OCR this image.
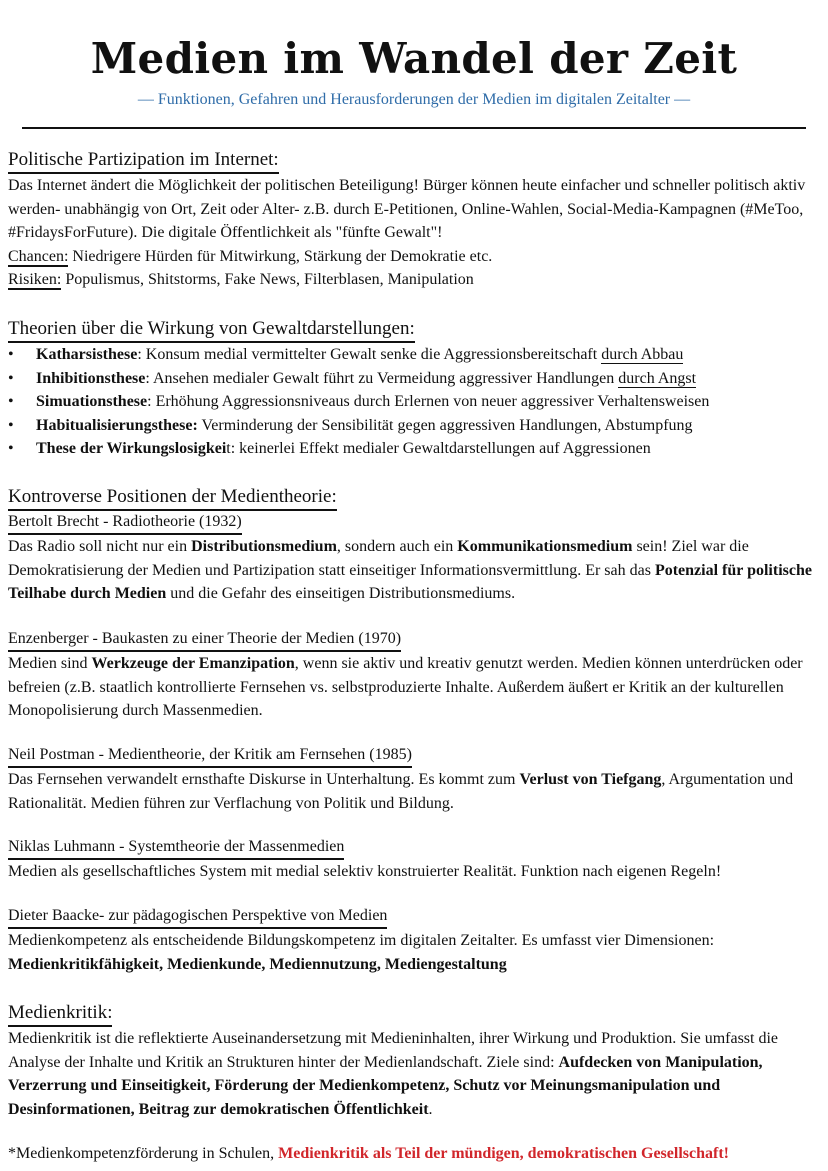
Medien im Wandel der Zeit
— Funktionen, Gefahren und Herausforderungen der Medien im digitalen Zeitalter —
Politische Partizipation im Internet:
Das Internet ändert die Möglichkeit der politischen Beteiligung! Bürger können heute einfacher und schneller politisch aktiv werden- unabhängig von Ort, Zeit oder Alter- z.B. durch E-Petitionen, Online-Wahlen, Social-Media-Kampagnen (#MeToo, #FridaysForFuture). Die digitale Öffentlichkeit als "fünfte Gewalt"!
Chancen: Niedrigere Hürden für Mitwirkung, Stärkung der Demokratie etc.
Risiken: Populismus, Shitstorms, Fake News, Filterblasen, Manipulation
Theorien über die Wirkung von Gewaltdarstellungen:
• Katharsisthese: Konsum medial vermittelter Gewalt senke die Aggressionsbereitschaft durch Abbau
• Inhibitionsthese: Ansehen medialer Gewalt führt zu Vermeidung aggressiver Handlungen durch Angst
• Simuationsthese: Erhöhung Aggressionsniveaus durch Erlernen von neuer aggressiver Verhaltensweisen
• Habitualisierungsthese: Verminderung der Sensibilität gegen aggressiven Handlungen, Abstumpfung
• These der Wirkungslosigkeit: keinerlei Effekt medialer Gewaltdarstellungen auf Aggressionen
Kontroverse Positionen der Medientheorie:
Bertolt Brecht - Radiotheorie (1932)
Das Radio soll nicht nur ein Distributionsmedium, sondern auch ein Kommunikationsmedium sein! Ziel war die Demokratisierung der Medien und Partizipation statt einseitiger Informationsvermittlung. Er sah das Potenzial für politische Teilhabe durch Medien und die Gefahr des einseitigen Distributionsmediums.
Enzenberger - Baukasten zu einer Theorie der Medien (1970)
Medien sind Werkzeuge der Emanzipation, wenn sie aktiv und kreativ genutzt werden. Medien können unterdrücken oder befreien (z.B. staatlich kontrollierte Fernsehen vs. selbstproduzierte Inhalte. Außerdem äußert er Kritik an der kulturellen Monopolisierung durch Massenmedien.
Neil Postman - Medientheorie, der Kritik am Fernsehen (1985)
Das Fernsehen verwandelt ernsthafte Diskurse in Unterhaltung. Es kommt zum Verlust von Tiefgang, Argumentation und Rationalität. Medien führen zur Verflachung von Politik und Bildung.
Niklas Luhmann - Systemtheorie der Massenmedien
Medien als gesellschaftliches System mit medial selektiv konstruierter Realität. Funktion nach eigenen Regeln!
Dieter Baacke- zur pädagogischen Perspektive von Medien
Medienkompetenz als entscheidende Bildungskompetenz im digitalen Zeitalter. Es umfasst vier Dimensionen: Medienkritikfähigkeit, Medienkunde, Mediennutzung, Mediengestaltung
Medienkritik:
Medienkritik ist die reflektierte Auseinandersetzung mit Medieninhalten, ihrer Wirkung und Produktion. Sie umfasst die Analyse der Inhalte und Kritik an Strukturen hinter der Medienlandschaft. Ziele sind: Aufdecken von Manipulation, Verzerrung und Einseitigkeit, Förderung der Medienkompetenz, Schutz vor Meinungsmanipulation und Desinformationen, Beitrag zur demokratischen Öffentlichkeit.
*Medienkompetenzförderung in Schulen, Medienkritik als Teil der mündigen, demokratischen Gesellschaft!
